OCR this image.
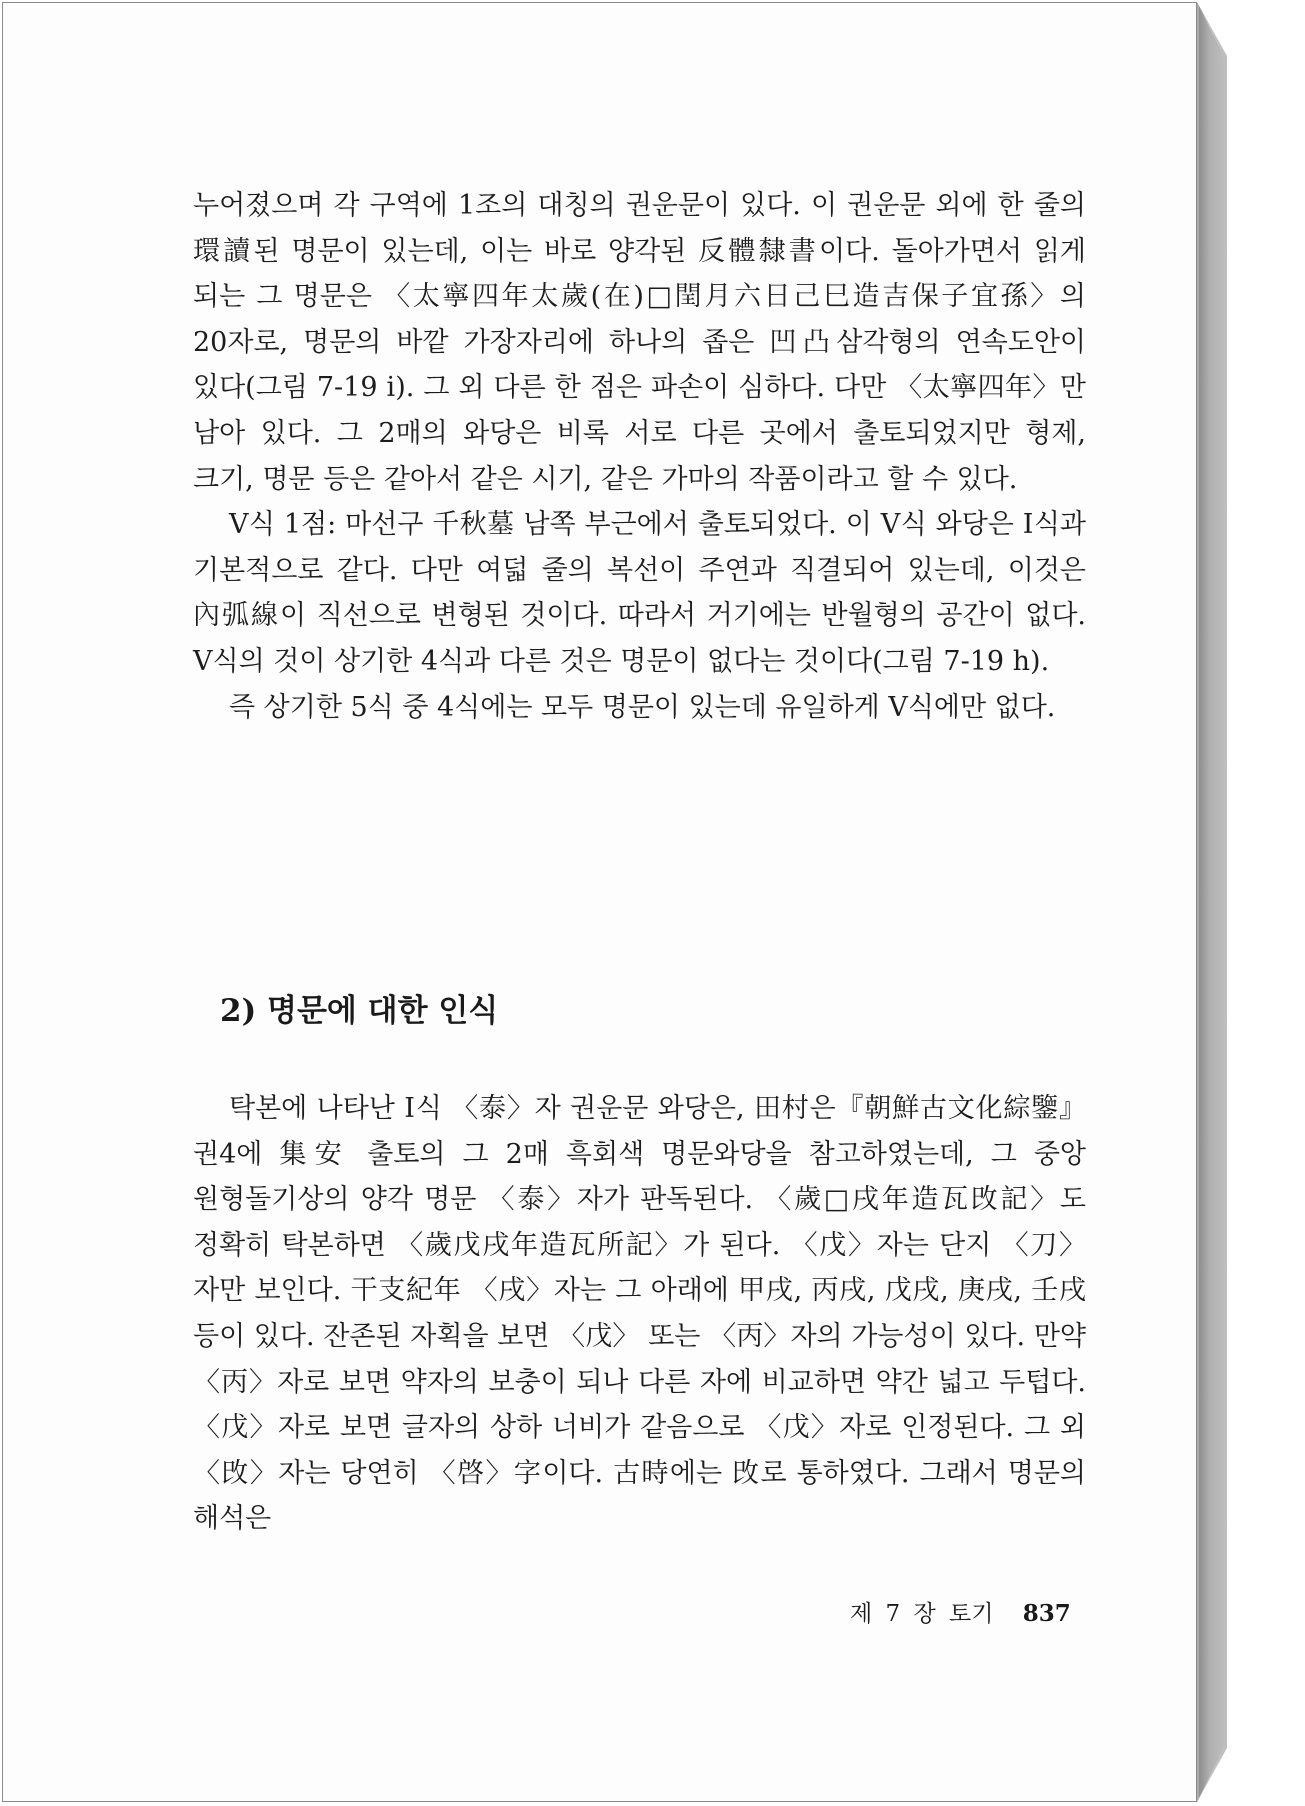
누어졌으며 각 구역에 1조의 대칭의 권운문이 있다. 이 권운문 외에 한 줄의 環讀된 명문이 있는데, 이는 바로 양각된 反體隸書이다. 돌아가면서 읽게 되는 그 명문은 〈太寧四年太歲(在)□閏月六日己巳造吉保子宜孫〉의 20자로, 명문의 바깥 가장자리에 하나의 좁은 凹凸삼각형의 연속도안이 있다(그림 7-19 i). 그 외 다른 한 점은 파손이 심하다. 다만 〈太寧四年〉만 남아 있다. 그 2매의 와당은 비록 서로 다른 곳에서 출토되었지만 형제, 크기, 명문 등은 같아서 같은 시기, 같은 가마의 작품이라고 할 수 있다.

Ⅴ식 1점: 마선구 千秋墓 남쪽 부근에서 출토되었다. 이 Ⅴ식 와당은 Ⅰ식과 기본적으로 같다. 다만 여덟 줄의 복선이 주연과 직결되어 있는데, 이것은 內弧線이 직선으로 변형된 것이다. 따라서 거기에는 반월형의 공간이 없다. Ⅴ식의 것이 상기한 4식과 다른 것은 명문이 없다는 것이다(그림 7-19 h).

즉 상기한 5식 중 4식에는 모두 명문이 있는데 유일하게 Ⅴ식에만 없다.

2) 명문에 대한 인식

탁본에 나타난 Ⅰ식 〈泰〉자 권운문 와당은, 田村은『朝鮮古文化綜鑒』권4에 集安 출토의 그 2매 흑회색 명문와당을 참고하였는데, 그 중앙 원형돌기상의 양각 명문 〈泰〉자가 판독된다. 〈歲□戌年造瓦攺記〉도 정확히 탁본하면 〈歲戊戌年造瓦所記〉가 된다. 〈戊〉자는 단지 〈刀〉자만 보인다. 干支紀年 〈戌〉자는 그 아래에 甲戌, 丙戌, 戊戌, 庚戌, 壬戌 등이 있다. 잔존된 자획을 보면 〈戊〉 또는 〈丙〉자의 가능성이 있다. 만약 〈丙〉자로 보면 약자의 보충이 되나 다른 자에 비교하면 약간 넓고 두텁다. 〈戊〉자로 보면 글자의 상하 너비가 같음으로 〈戊〉자로 인정된다. 그 외 〈攺〉자는 당연히 〈啓〉字이다. 古時에는 攺로 통하였다. 그래서 명문의 해석은

제 7 장 토기 837
